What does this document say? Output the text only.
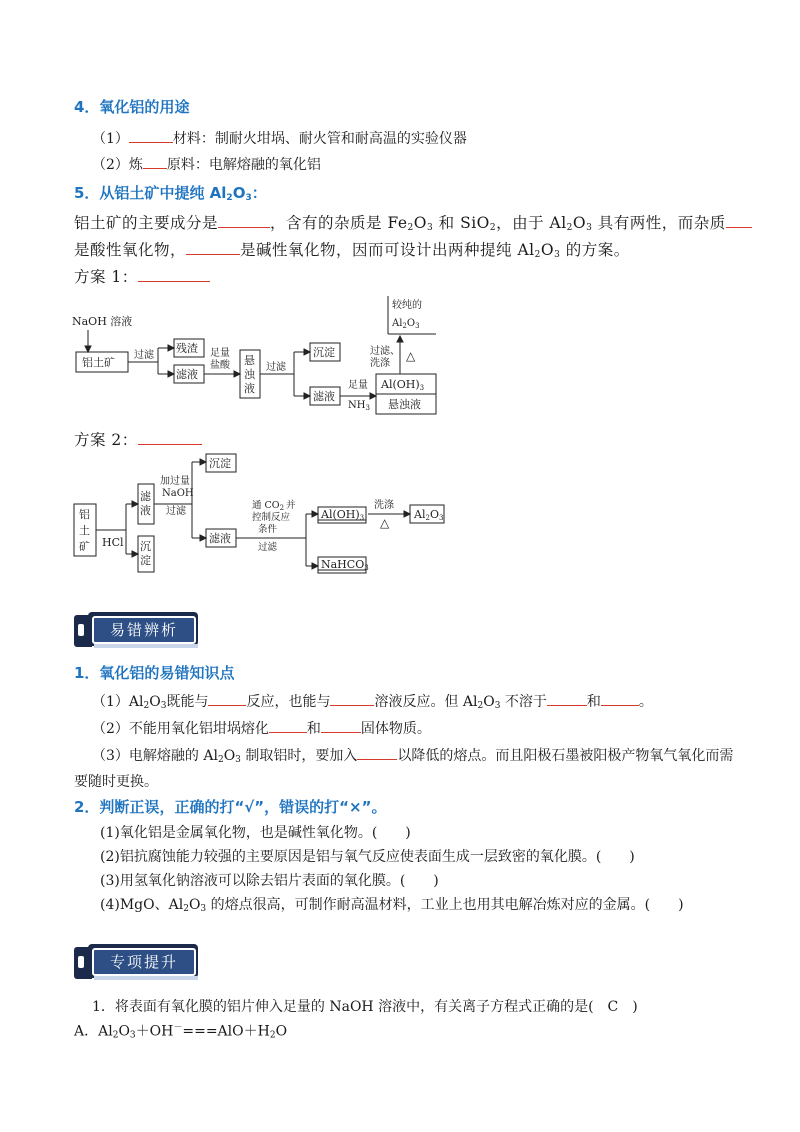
4．氧化铝的用途
（1）	材料：制耐火坩埚、耐火管和耐高温的实验仪器
（2）炼 原料：电解熔融的氧化铝
5．从铝土矿中提纯 $Al_2O_3$：
铝土矿的主要成分是	，含有的杂质是 $Fe_2O_3$ 和 SiO$_2$，由于 $Al_2O_3$ 具有两性，而杂质
是酸性氧化物，	是碱性氧化物，因而可设计出两种提纯 $Al_2O_3$ 的方案。
方案 1：
NaOH 溶液
铝土矿
过滤
残渣
滤液
足量
盐酸 悬
浊
液
过滤
沉淀
滤液
足量
$NH_3$
Al(OH)3
悬浊液
过滤、
洗涤
△
较纯的
$Al_2O_3$
方案 2：
铝
土
矿 HCl
滤
液
沉
淀
加过量
NaOH
过滤
沉淀
滤液
通 $CO_2$ 并
控制反应
条件
过滤
Al(OH)3
洗涤
△
Al2O3
NaHCO3
易错辨析
1．氧化铝的易错知识点
$(1)Al_2O_3$既能与	反应，也能与	溶液反应。但 $Al_2O_3$ 不溶于	和	。
（2）不能用氧化铝坩埚熔化	和	固体物质。
（3）电解熔融的 $Al_2O_3$ 制取铝时，要加入	以降低的熔点。而且阳极石墨被阳极产物氧气氧化而需
要随时更换。
2．判断正误，正确的打“√”，错误的打“×”。
(1)氧化铝是金属氧化物，也是碱性氧化物。(　　)
(2)铝抗腐蚀能力较强的主要原因是铝与氧气反应使表面生成一层致密的氧化膜。(　　)
(3)用氢氧化钠溶液可以除去铝片表面的氧化膜。(　　)
(4)MgO、$Al_2O_3$ 的熔点很高，可制作耐高温材料，工业上也用其电解冶炼对应的金属。(　　)
专项提升
1．将表面有氧化膜的铝片伸入足量的 NaOH 溶液中，有关离子方程式正确的是(　C　)
A．$Al_2O_3+OH^-===AlO+H_2O$
